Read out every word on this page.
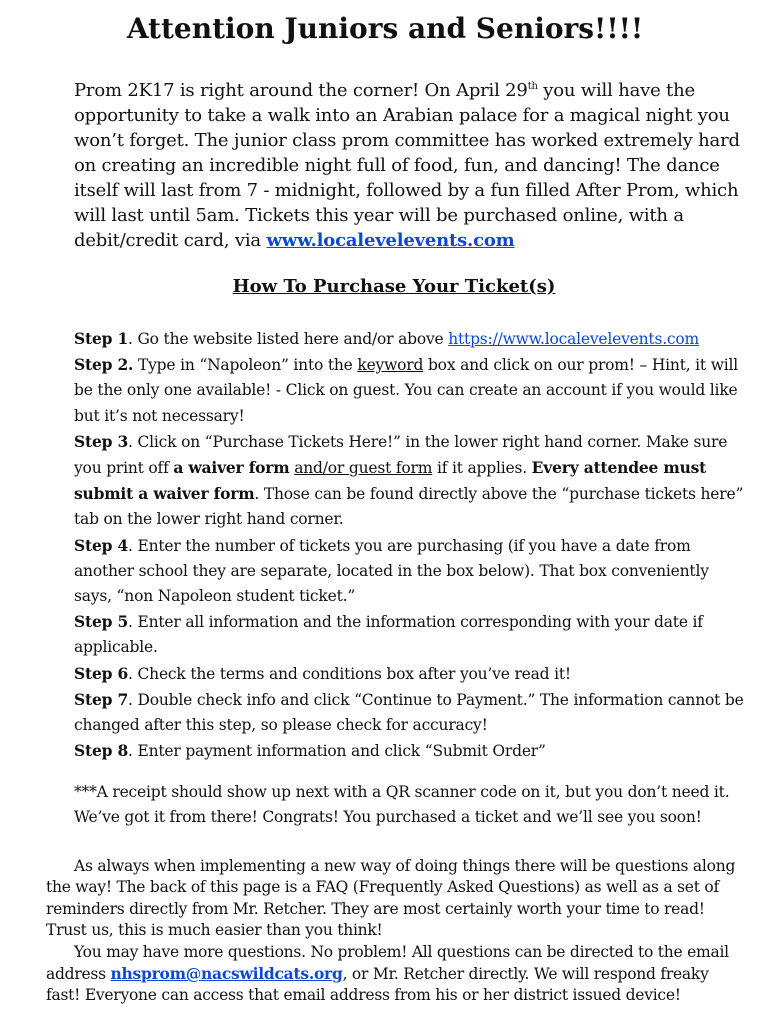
Attention Juniors and Seniors!!!!

Prom 2K17 is right around the corner! On April 29th you will have the opportunity to take a walk into an Arabian palace for a magical night you won’t forget. The junior class prom committee has worked extremely hard on creating an incredible night full of food, fun, and dancing! The dance itself will last from 7 - midnight, followed by a fun filled After Prom, which will last until 5am. Tickets this year will be purchased online, with a debit/credit card, via www.localevelevents.com

How To Purchase Your Ticket(s)

Step 1. Go the website listed here and/or above https://www.localevelevents.com

Step 2. Type in “Napoleon” into the keyword box and click on our prom! – Hint, it will be the only one available! - Click on guest. You can create an account if you would like but it’s not necessary!

Step 3. Click on “Purchase Tickets Here!” in the lower right hand corner. Make sure you print off a waiver form and/or guest form if it applies. Every attendee must submit a waiver form. Those can be found directly above the “purchase tickets here” tab on the lower right hand corner.

Step 4. Enter the number of tickets you are purchasing (if you have a date from another school they are separate, located in the box below). That box conveniently says, “non Napoleon student ticket.”

Step 5. Enter all information and the information corresponding with your date if applicable.

Step 6. Check the terms and conditions box after you’ve read it!

Step 7. Double check info and click “Continue to Payment.” The information cannot be changed after this step, so please check for accuracy!

Step 8. Enter payment information and click “Submit Order”

***A receipt should show up next with a QR scanner code on it, but you don’t need it. We’ve got it from there! Congrats! You purchased a ticket and we’ll see you soon!

As always when implementing a new way of doing things there will be questions along the way! The back of this page is a FAQ (Frequently Asked Questions) as well as a set of reminders directly from Mr. Retcher. They are most certainly worth your time to read! Trust us, this is much easier than you think!

You may have more questions. No problem! All questions can be directed to the email address nhsprom@nacswildcats.org, or Mr. Retcher directly. We will respond freaky fast! Everyone can access that email address from his or her district issued device!
